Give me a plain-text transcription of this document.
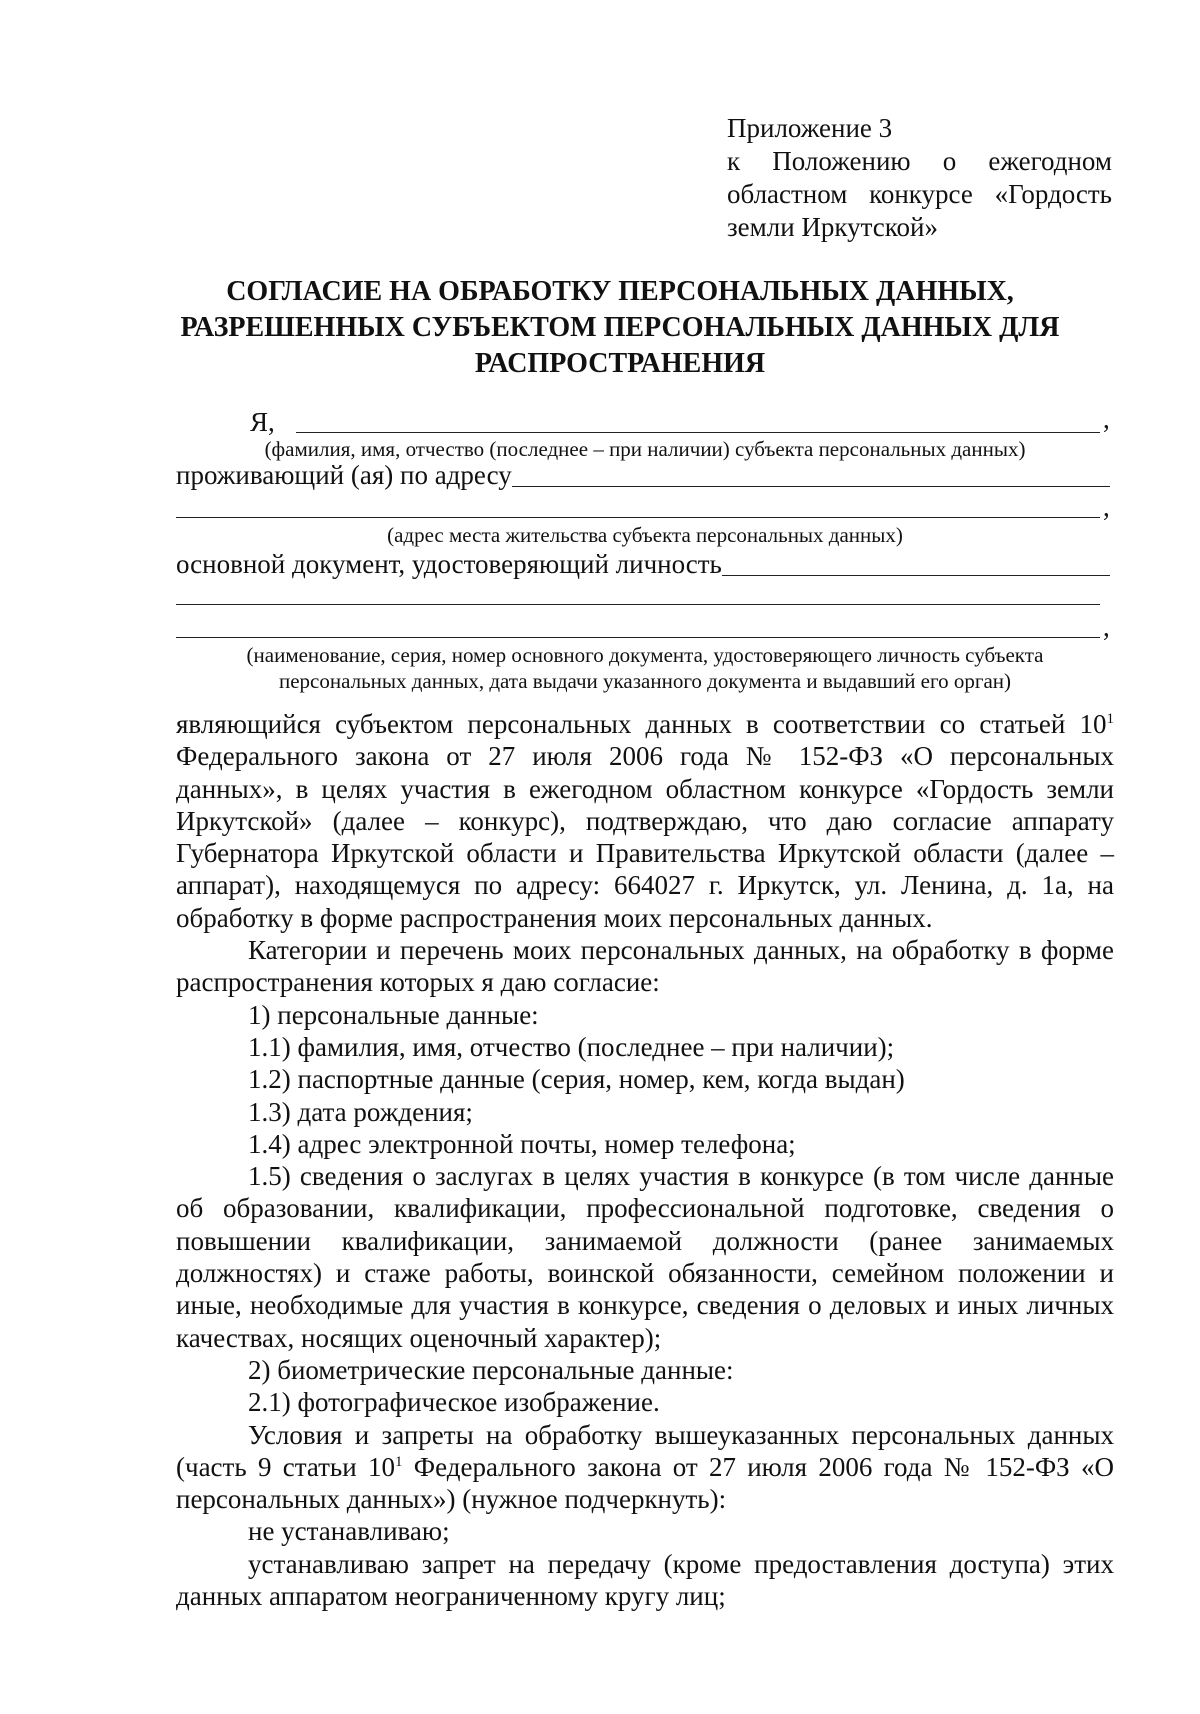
Приложение 3
к Положению о ежегодном
областном конкурсе «Гордость
земли Иркутской»
СОГЛАСИЕ НА ОБРАБОТКУ ПЕРСОНАЛЬНЫХ ДАННЫХ,
РАЗРЕШЕННЫХ СУБЪЕКТОМ ПЕРСОНАЛЬНЫХ ДАННЫХ ДЛЯ
РАСПРОСТРАНЕНИЯ
Я,	,
(фамилия, имя, отчество (последнее – при наличии) субъекта персональных данных)
проживающий (ая) по адресу
,
(адрес места жительства субъекта персональных данных)
основной документ, удостоверяющий личность
,
(наименование, серия, номер основного документа, удостоверяющего личность субъекта
персональных данных, дата выдачи указанного документа и выдавший его орган)

являющийся субъектом персональных данных в соответствии со статьей $10^1$ Федерального закона от 27 июля 2006 года № 152-ФЗ «О персональных данных», в целях участия в ежегодном областном конкурсе «Гордость земли Иркутской» (далее – конкурс), подтверждаю, что даю согласие аппарату Губернатора Иркутской области и Правительства Иркутской области (далее – аппарат), находящемуся по адресу: 664027 г. Иркутск, ул. Ленина, д. 1а, на обработку в форме распространения моих персональных данных.

Категории и перечень моих персональных данных, на обработку в форме распространения которых я даю согласие:

1) персональные данные:

1.1) фамилия, имя, отчество (последнее – при наличии);

1.2) паспортные данные (серия, номер, кем, когда выдан)

1.3) дата рождения;

1.4) адрес электронной почты, номер телефона;

1.5) сведения о заслугах в целях участия в конкурсе (в том числе данные об образовании, квалификации, профессиональной подготовке, сведения о повышении квалификации, занимаемой должности (ранее занимаемых должностях) и стаже работы, воинской обязанности, семейном положении и иные, необходимые для участия в конкурсе, сведения о деловых и иных личных качествах, носящих оценочный характер);

2) биометрические персональные данные:

2.1) фотографическое изображение.

Условия и запреты на обработку вышеуказанных персональных данных (часть 9 статьи $10^1$ Федерального закона от 27 июля 2006 года № 152-ФЗ «О персональных данных») (нужное подчеркнуть):

не устанавливаю;

устанавливаю запрет на передачу (кроме предоставления доступа) этих данных аппаратом неограниченному кругу лиц;
